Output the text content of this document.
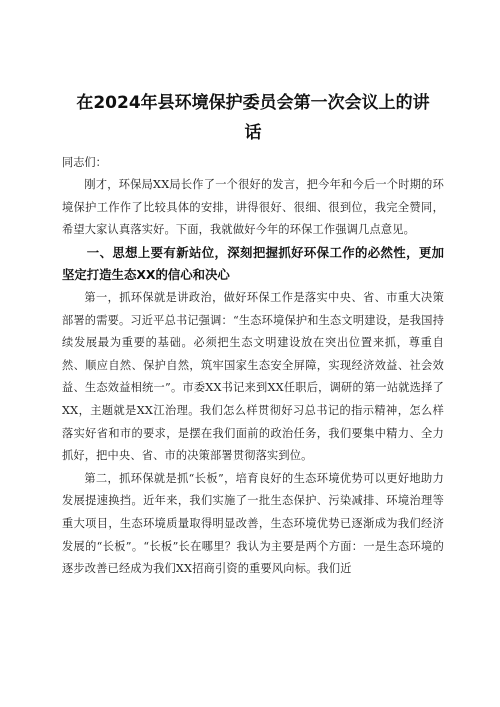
在2024年县环境保护委员会第一次会议上的讲话

同志们：

刚才，环保局XX局长作了一个很好的发言，把今年和今后一个时期的环境保护工作作了比较具体的安排，讲得很好、很细、很到位，我完全赞同，希望大家认真落实好。下面，我就做好今年的环保工作强调几点意见。

一、思想上要有新站位，深刻把握抓好环保工作的必然性，更加坚定打造生态XX的信心和决心

第一，抓环保就是讲政治，做好环保工作是落实中央、省、市重大决策部署的需要。习近平总书记强调：“生态环境保护和生态文明建设，是我国持续发展最为重要的基础。必须把生态文明建设放在突出位置来抓，尊重自然、顺应自然、保护自然，筑牢国家生态安全屏障，实现经济效益、社会效益、生态效益相统一”。市委XX书记来到XX任职后，调研的第一站就选择了XX，主题就是XX江治理。我们怎么样贯彻好习总书记的指示精神，怎么样落实好省和市的要求，是摆在我们面前的政治任务，我们要集中精力、全力抓好，把中央、省、市的决策部署贯彻落实到位。

第二，抓环保就是抓“长板”，培育良好的生态环境优势可以更好地助力发展提速换挡。近年来，我们实施了一批生态保护、污染减排、环境治理等重大项目，生态环境质量取得明显改善，生态环境优势已逐渐成为我们经济发展的“长板”。“长板”长在哪里？我认为主要是两个方面：一是生态环境的逐步改善已经成为我们XX招商引资的重要风向标。我们近
